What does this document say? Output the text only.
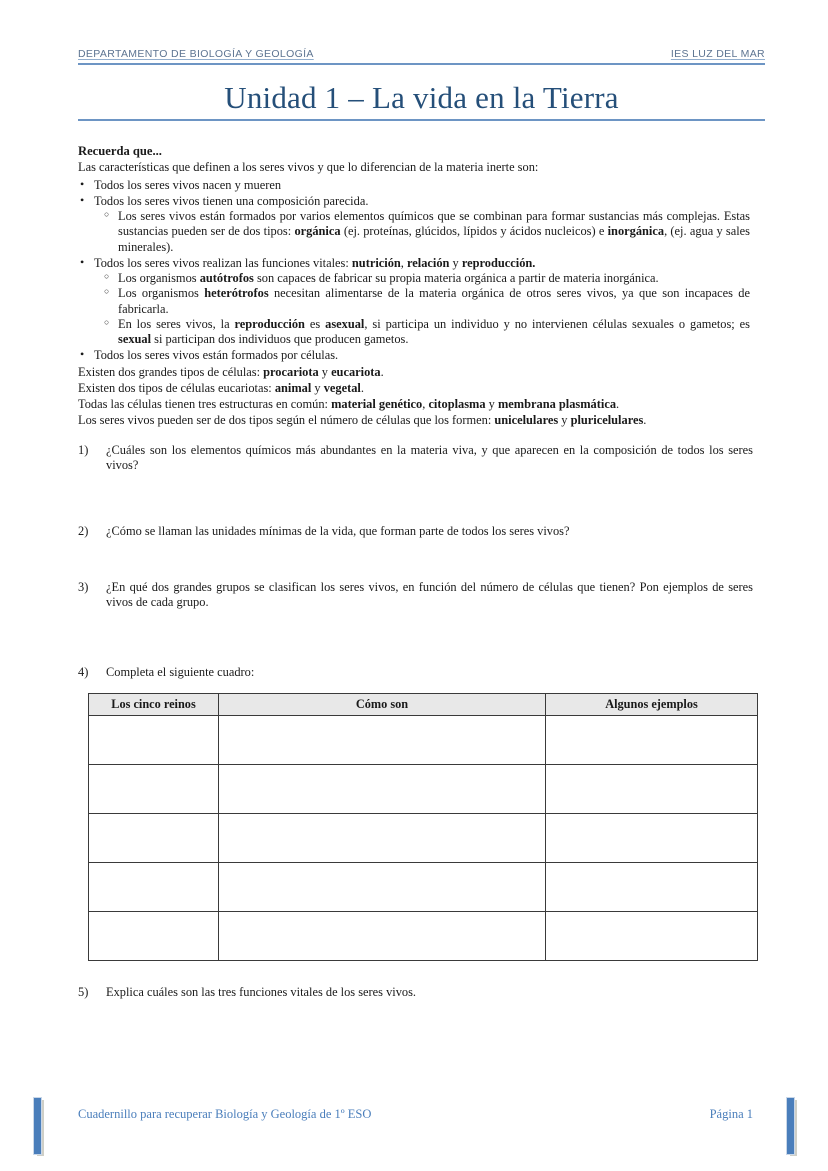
DEPARTAMENTO DE BIOLOGÍA Y GEOLOGÍA	IES LUZ DEL MAR
Unidad 1 – La vida en la Tierra
Recuerda que...
Las características que definen a los seres vivos y que lo diferencian de la materia inerte son:
• Todos los seres vivos nacen y mueren
• Todos los seres vivos tienen una composición parecida.
○ Los seres vivos están formados por varios elementos químicos que se combinan para formar sustancias más complejas. Estas sustancias pueden ser de dos tipos: orgánica (ej. proteínas, glúcidos, lípidos y ácidos nucleicos) e inorgánica, (ej. agua y sales minerales).
• Todos los seres vivos realizan las funciones vitales: nutrición, relación y reproducción.
○ Los organismos autótrofos son capaces de fabricar su propia materia orgánica a partir de materia inorgánica.
○ Los organismos heterótrofos necesitan alimentarse de la materia orgánica de otros seres vivos, ya que son incapaces de fabricarla.
○ En los seres vivos, la reproducción es asexual, si participa un individuo y no intervienen células sexuales o gametos; es sexual si participan dos individuos que producen gametos.
• Todos los seres vivos están formados por células.
Existen dos grandes tipos de células: procariota y eucariota.
Existen dos tipos de células eucariotas: animal y vegetal.
Todas las células tienen tres estructuras en común: material genético, citoplasma y membrana plasmática.
Los seres vivos pueden ser de dos tipos según el número de células que los formen: unicelulares y pluricelulares.
1)	¿Cuáles son los elementos químicos más abundantes en la materia viva, y que aparecen en la composición de todos los seres vivos?
2)	¿Cómo se llaman las unidades mínimas de la vida, que forman parte de todos los seres vivos?
3)	¿En qué dos grandes grupos se clasifican los seres vivos, en función del número de células que tienen? Pon ejemplos de seres vivos de cada grupo.
4)	Completa el siguiente cuadro:
Los cinco reinos	Cómo son	Algunos ejemplos

5)	Explica cuáles son las tres funciones vitales de los seres vivos.
Cuadernillo para recuperar Biología y Geología de 1º ESO	Página 1
